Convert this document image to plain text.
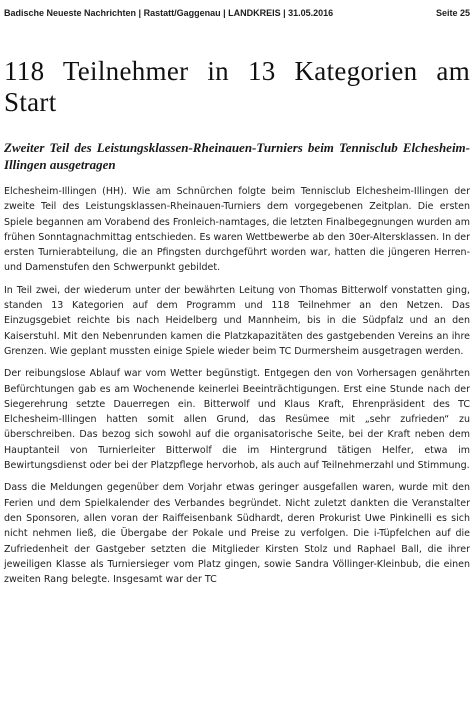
Badische Neueste Nachrichten | Rastatt/Gaggenau | LANDKREIS | 31.05.2016	Seite 25
118 Teilnehmer in 13 Kategorien am Start
Zweiter Teil des Leistungsklassen-Rheinauen-Turniers beim Tennisclub Elchesheim-Illingen ausgetragen

Elchesheim-Illingen (HH). Wie am Schnürchen folgte beim Tennisclub Elchesheim-Illingen der zweite Teil des Leistungsklassen-Rheinauen-Turniers dem vorgegebenen Zeitplan. Die ersten Spiele begannen am Vorabend des Fronleich-namtages, die letzten Finalbegegnungen wurden am frühen Sonntagnachmittag entschieden. Es waren Wettbewerbe ab den 30er-Altersklassen. In der ersten Turnierabteilung, die an Pfingsten durchgeführt worden war, hatten die jüngeren Herren- und Damenstufen den Schwerpunkt gebildet.

In Teil zwei, der wiederum unter der bewährten Leitung von Thomas Bitterwolf vonstatten ging, standen 13 Kategorien auf dem Programm und 118 Teilnehmer an den Netzen. Das Einzugsgebiet reichte bis nach Heidelberg und Mannheim, bis in die Südpfalz und an den Kaiserstuhl. Mit den Nebenrunden kamen die Platzkapazitäten des gastgebenden Vereins an ihre Grenzen. Wie geplant mussten einige Spiele wieder beim TC Durmersheim ausgetragen werden.

Der reibungslose Ablauf war vom Wetter begünstigt. Entgegen den von Vorhersagen genährten Befürchtungen gab es am Wochenende keinerlei Beeinträchtigungen. Erst eine Stunde nach der Siegerehrung setzte Dauerregen ein. Bitterwolf und Klaus Kraft, Ehrenpräsident des TC Elchesheim-Illingen hatten somit allen Grund, das Resümee mit „sehr zufrieden“ zu überschreiben. Das bezog sich sowohl auf die organisatorische Seite, bei der Kraft neben dem Hauptanteil von Turnierleiter Bitterwolf die im Hintergrund tätigen Helfer, etwa im Bewirtungsdienst oder bei der Platzpflege hervorhob, als auch auf Teilnehmerzahl und Stimmung.

Dass die Meldungen gegenüber dem Vorjahr etwas geringer ausgefallen waren, wurde mit den Ferien und dem Spielkalender des Verbandes begründet. Nicht zuletzt dankten die Veranstalter den Sponsoren, allen voran der Raiffeisenbank Südhardt, deren Prokurist Uwe Pinkinelli es sich nicht nehmen ließ, die Übergabe der Pokale und Preise zu verfolgen. Die i-Tüpfelchen auf die Zufriedenheit der Gastgeber setzten die Mitglieder Kirsten Stolz und Raphael Ball, die ihrer jeweiligen Klasse als Turniersieger vom Platz gingen, sowie Sandra Völlinger-Kleinbub, die einen zweiten Rang belegte. Insgesamt war der TC
